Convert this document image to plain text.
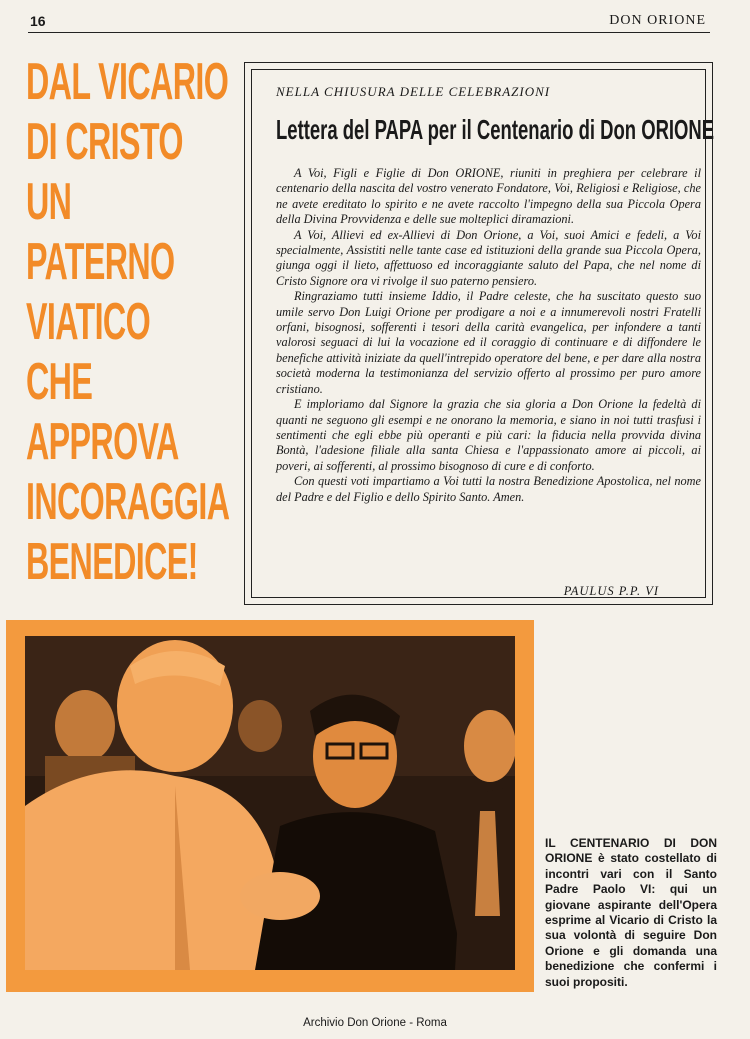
16	DON ORIONE
DAL VICARIO
DI CRISTO
UN
PATERNO
VIATICO
CHE
APPROVA
INCORAGGIA
BENEDICE!
NELLA CHIUSURA DELLE CELEBRAZIONI
Lettera del PAPA per il Centenario di Don ORIONE

A Voi, Figli e Figlie di Don ORIONE, riuniti in preghiera per celebrare il centenario della nascita del vostro venerato Fondatore, Voi, Religiosi e Religiose, che ne avete ereditato lo spirito e ne avete raccolto l'impegno della sua Piccola Opera della Divina Provvidenza e delle sue molteplici diramazioni.

A Voi, Allievi ed ex-Allievi di Don Orione, a Voi, suoi Amici e fedeli, a Voi specialmente, Assistiti nelle tante case ed istituzioni della grande sua Piccola Opera, giunga oggi il lieto, affettuoso ed incoraggiante saluto del Papa, che nel nome di Cristo Signore ora vi rivolge il suo paterno pensiero.

Ringraziamo tutti insieme Iddio, il Padre celeste, che ha suscitato questo suo umile servo Don Luigi Orione per prodigare a noi e a innumerevoli nostri Fratelli orfani, bisognosi, sofferenti i tesori della carità evangelica, per infondere a tanti valorosi seguaci di lui la vocazione ed il coraggio di continuare e di diffondere le benefiche attività iniziate da quell'intrepido operatore del bene, e per dare alla nostra società moderna la testimonianza del servizio offerto al prossimo per puro amore cristiano.

E imploriamo dal Signore la grazia che sia gloria a Don Orione la fedeltà di quanti ne seguono gli esempi e ne onorano la memoria, e siano in noi tutti trasfusi i sentimenti che egli ebbe più operanti e più cari: la fiducia nella provvida divina Bontà, l'adesione filiale alla santa Chiesa e l'appassionato amore ai piccoli, ai poveri, ai sofferenti, al prossimo bisognoso di cure e di conforto.

Con questi voti impartiamo a Voi tutti la nostra Benedizione Apostolica, nel nome del Padre e del Figlio e dello Spirito Santo. Amen.

PAULUS P.P. VI
IL CENTENARIO DI DON ORIONE è stato costellato di incontri vari con il Santo Padre Paolo VI: qui un giovane aspirante dell'Opera esprime al Vicario di Cristo la sua volontà di seguire Don Orione e gli domanda una benedizione che confermi i suoi propositi.
Archivio Don Orione - Roma
